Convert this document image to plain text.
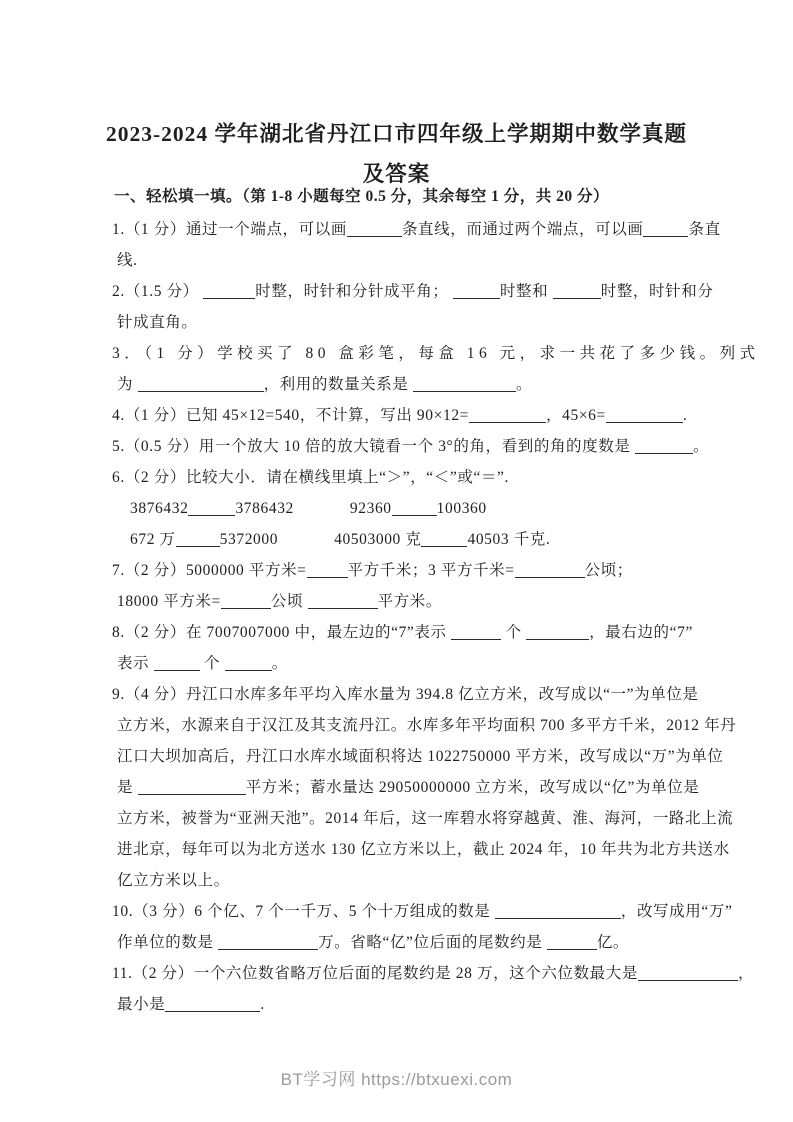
2023-2024 学年湖北省丹江口市四年级上学期期中数学真题
及答案
一、轻松填一填。（第 1-8 小题每空 0.5 分，其余每空 1 分，共 20 分）
1.（1 分）通过一个端点，可以画	条直线，而通过两个端点，可以画	条直
线.
2.（1.5 分）	时整，时针和分针成平角；	时整和	时整，时针和分
针成直角。
3．（1 分）学校买了 80 盒彩笔，每盒 16 元，求一共花了多少钱。列式
为	，利用的数量关系是	。
4.（1 分）已知 45×12=540，不计算，写出 90×12=	，45×6=	.
5.（0.5 分）用一个放大 10 倍的放大镜看一个 3°的角，看到的角的度数是	。
6.（2 分）比较大小．请在横线里填上“＞”，“＜”或“＝”.
3876432	3786432	92360	100360
672 万	5372000	40503000 克	40503 千克.
7.（2 分）5000000 平方米=	平方千米；3 平方千米=	公顷；
18000 平方米=	公顷	平方米。
8.（2 分）在 7007007000 中，最左边的“7”表示	个	，最右边的“7”
表示	个	。
9.（4 分）丹江口水库多年平均入库水量为 394.8 亿立方米，改写成以“一”为单位是
立方米，水源来自于汉江及其支流丹江。水库多年平均面积 700 多平方千米，2012 年丹
江口大坝加高后，丹江口水库水域面积将达 1022750000 平方米，改写成以“万”为单位
是	平方米；蓄水量达 29050000000 立方米，改写成以“亿”为单位是
立方米，被誉为“亚洲天池”。2014 年后，这一库碧水将穿越黄、淮、海河，一路北上流
进北京，每年可以为北方送水 130 亿立方米以上，截止 2024 年，10 年共为北方共送水
亿立方米以上。
10.（3 分）6 个亿、7 个一千万、5 个十万组成的数是	，改写成用“万”
作单位的数是	万。省略“亿”位后面的尾数约是	亿。
11.（2 分）一个六位数省略万位后面的尾数约是 28 万，这个六位数最大是	，
最小是	.
BT学习网 https://btxuexi.com
